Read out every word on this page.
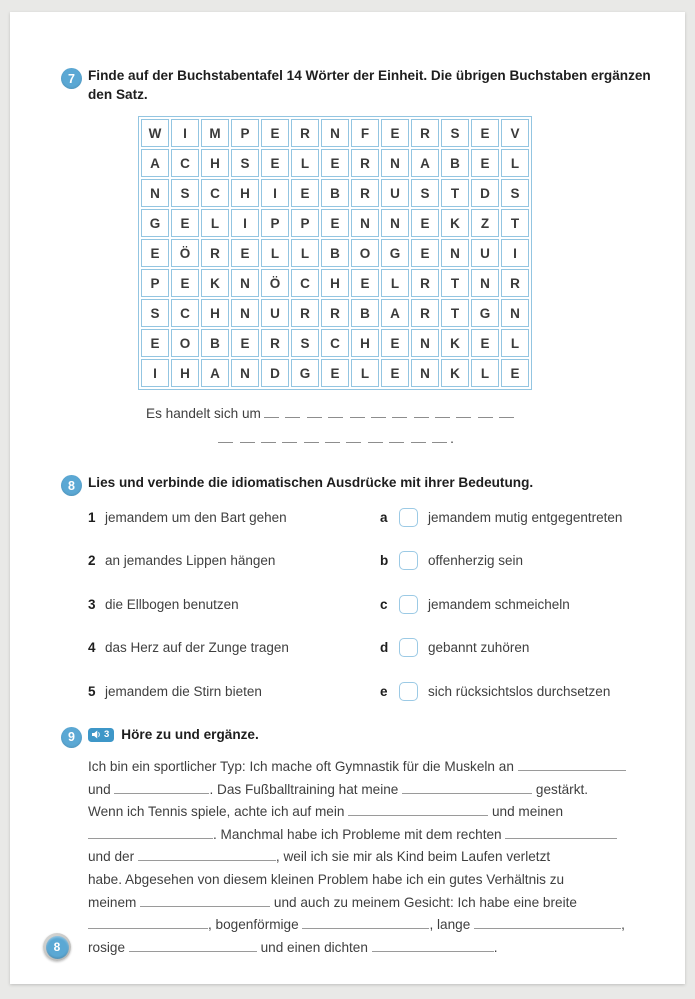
7 Finde auf der Buchstabentafel 14 Wörter der Einheit. Die übrigen Buchstaben ergänzen den Satz.
W	I	M	P	E	R	N	F	E	R	S	E	V
A	C	H	S	E	L	E	R	N	A	B	E	L
N	S	C	H	I	E	B	R	U	S	T	D	S
G	E	L	I	P	P	E	N	N	E	K	Z	T
E	Ö	R	E	L	L	B	O	G	E	N	U	I
P	E	K	N	Ö	C	H	E	L	R	T	N	R
S	C	H	N	U	R	R	B	A	R	T	G	N
E	O	B	E	R	S	C	H	E	N	K	E	L
I	H	A	N	D	G	E	L	E	N	K	L	E
Es handelt sich um
.
8 Lies und verbinde die idiomatischen Ausdrücke mit ihrer Bedeutung.
1 jemandem um den Bart gehen	a	jemandem mutig entgegentreten
2 an jemandes Lippen hängen	b	offenherzig sein
3 die Ellbogen benutzen	c	jemandem schmeicheln
4 das Herz auf der Zunge tragen	d	gebannt zuhören
5 jemandem die Stirn bieten	e	sich rücksichtslos durchsetzen
9	3 Höre zu und ergänze.
Ich bin ein sportlicher Typ: Ich mache oft Gymnastik für die Muskeln an
und	. Das Fußballtraining hat meine	gestärkt.
Wenn ich Tennis spiele, achte ich auf mein	und meinen
. Manchmal habe ich Probleme mit dem rechten
und der	, weil ich sie mir als Kind beim Laufen verletzt
habe. Abgesehen von diesem kleinen Problem habe ich ein gutes Verhältnis zu
meinem	und auch zu meinem Gesicht: Ich habe eine breite
, bogenförmige	, lange	,
rosige	und einen dichten	.
8
